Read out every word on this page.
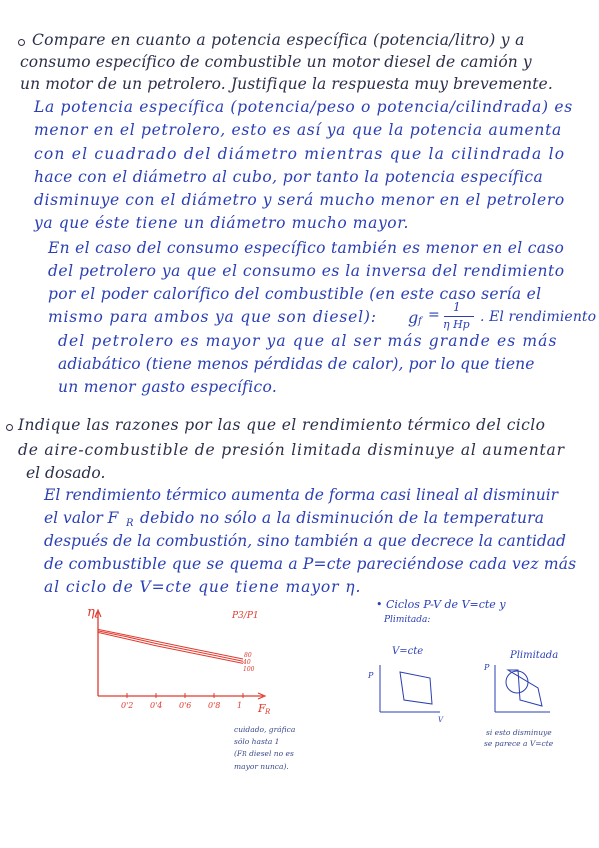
Compare en cuanto a potencia específica (potencia/litro) y a
consumo específico de combustible un motor diesel de camión y
un motor de un petrolero. Justifique la respuesta muy brevemente.
La potencia específica (potencia/peso o potencia/cilindrada) es
menor en el petrolero, esto es así ya que la potencia aumenta
con el cuadrado del diámetro mientras que la cilindrada lo
hace con el diámetro al cubo, por tanto la potencia específica
disminuye con el diámetro y será mucho menor en el petrolero
ya que éste tiene un diámetro mucho mayor.
En el caso del consumo específico también es menor en el caso
del petrolero ya que el consumo es la inversa del rendimiento
por el poder calorífico del combustible (en este caso sería el
mismo para ambos ya que son diesel): g f = 1
η Hp . El rendimiento
del petrolero es mayor ya que al ser más grande es más
adiabático (tiene menos pérdidas de calor), por lo que tiene
un menor gasto específico.
Indique las razones por las que el rendimiento térmico del ciclo
de aire-combustible de presión limitada disminuye al aumentar
el dosado.
El rendimiento térmico aumenta de forma casi lineal al disminuir
el valor F R debido no sólo a la disminución de la temperatura
después de la combustión, sino también a que decrece la cantidad
de combustible que se quema a P=cte pareciéndose cada vez más
al ciclo de V=cte que tiene mayor η.
0'2 0'4 0'6 0'8 1
η t
F R
P3/P1
80
40
100
cuidado, gráfica
sólo hasta 1
(FR diesel no es
mayor nunca).
• Ciclos P-V de V=cte y
Plimitada:
V=cte	Plimitada
P
V
P
si esto disminuye
se parece a V=cte
